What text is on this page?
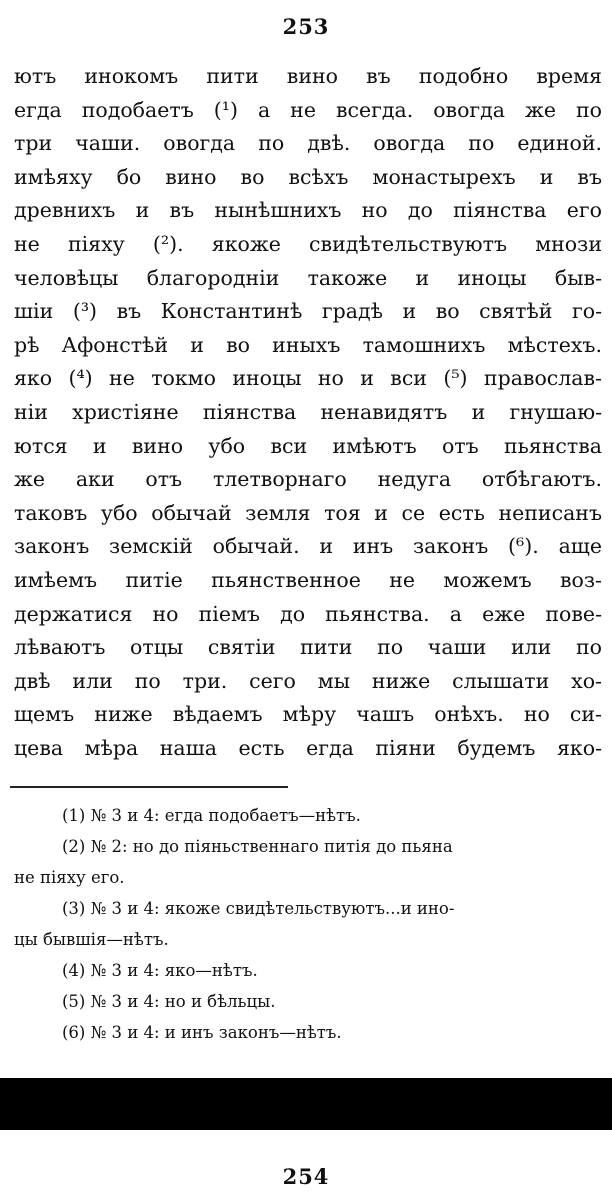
253
ютъ инокомъ пити вино въ подобно время
егда подобаетъ (¹) а не всегда. овогда же по
три чаши. овогда по двѣ. овогда по единой.
имѣяху бо вино во всѣхъ монастырехъ и въ
древнихъ и въ нынѣшнихъ но до піянства его
не піяху (²). якоже свидѣтельствуютъ мнози
человѣцы благородніи такоже и иноцы быв-
шіи (³) въ Константинѣ градѣ и во святѣй го-
рѣ Афонстѣй и во иныхъ тамошнихъ мѣстехъ.
яко (⁴) не токмо иноцы но и вси (⁵) православ-
ніи христіяне піянства ненавидятъ и гнушаю-
ются и вино убо вси имѣютъ отъ пьянства
же аки отъ тлетворнаго недуга отбѣгаютъ.
таковъ убо обычай земля тоя и се есть неписанъ
законъ земскій обычай. и инъ законъ (⁶). аще
имѣемъ питіе пьянственное не можемъ воз-
держатися но піемъ до пьянства. а еже пове-
лѣваютъ отцы святіи пити по чаши или по
двѣ или по три. сего мы ниже слышати хо-
щемъ ниже вѣдаемъ мѣру чашъ онѣхъ. но си-
цева мѣра наша есть егда піяни будемъ яко-
(1) № 3 и 4: егда подобаетъ—нѣтъ.
(2) № 2: но до піяньственнаго питія до пьяна
не піяху его.
(3) № 3 и 4: якоже свидѣтельствуютъ...и ино-
цы бывшія—нѣтъ.
(4) № 3 и 4: яко—нѣтъ.
(5) № 3 и 4: но и бѣльцы.
(6) № 3 и 4: и инъ законъ—нѣтъ.
254
